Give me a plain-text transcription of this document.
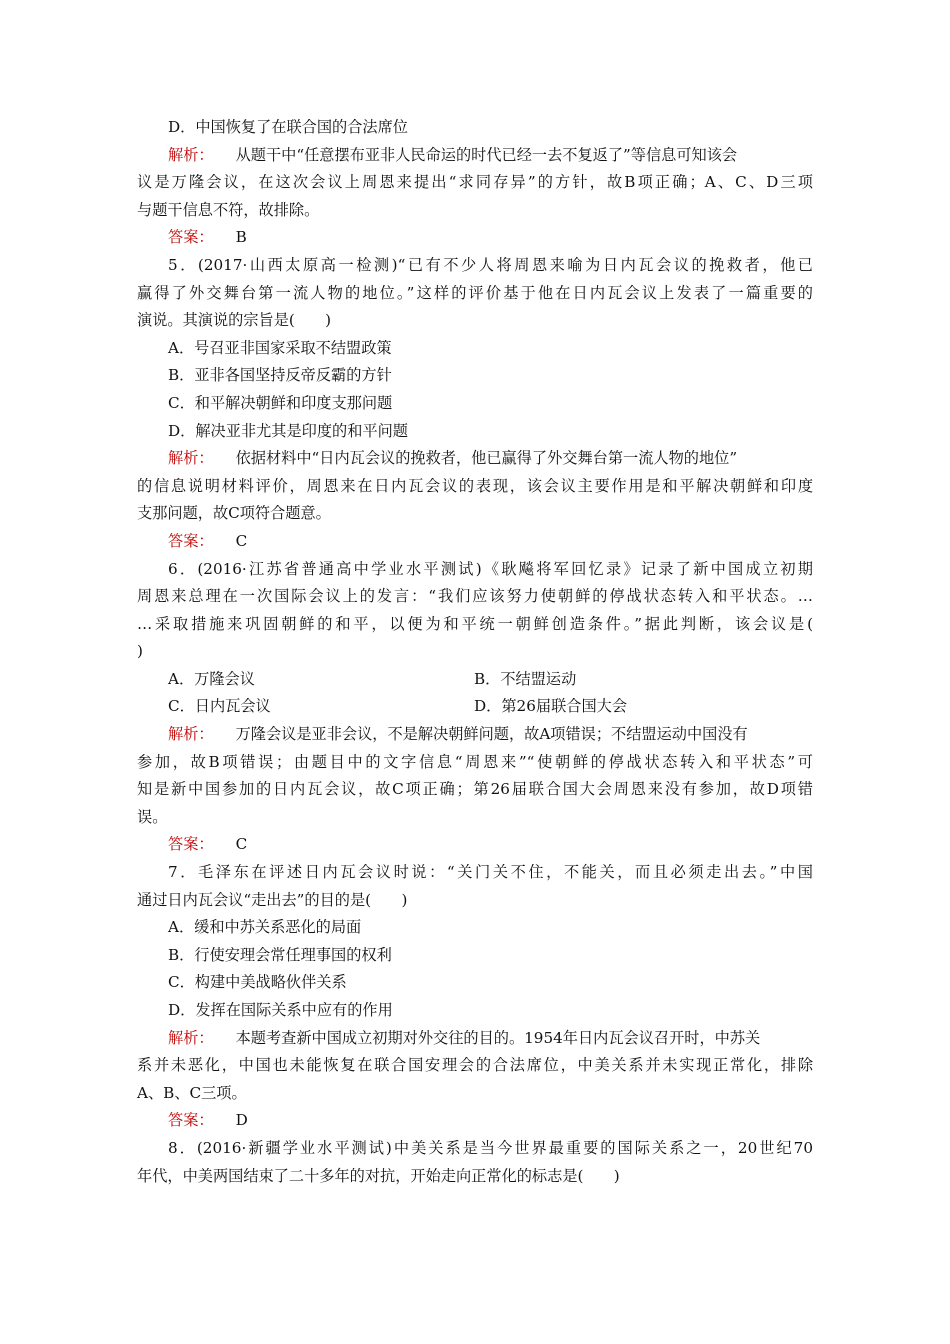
D．中国恢复了在联合国的合法席位
解析： 从题干中“任意摆布亚非人民命运的时代已经一去不复返了”等信息可知该会
议是万隆会议，在这次会议上周恩来提出“求同存异”的方针，故B项正确；A、C、D三项
与题干信息不符，故排除。
答案： B
5．(2017·山西太原高一检测)“已有不少人将周恩来喻为日内瓦会议的挽救者，他已
赢得了外交舞台第一流人物的地位。”这样的评价基于他在日内瓦会议上发表了一篇重要的
演说。其演说的宗旨是(　　)
A．号召亚非国家采取不结盟政策
B．亚非各国坚持反帝反霸的方针
C．和平解决朝鲜和印度支那问题
D．解决亚非尤其是印度的和平问题
解析： 依据材料中“日内瓦会议的挽救者，他已赢得了外交舞台第一流人物的地位”
的信息说明材料评价，周恩来在日内瓦会议的表现，该会议主要作用是和平解决朝鲜和印度
支那问题，故C项符合题意。
答案： C
6．(2016·江苏省普通高中学业水平测试)《耿飚将军回忆录》记录了新中国成立初期
周恩来总理在一次国际会议上的发言：“我们应该努力使朝鲜的停战状态转入和平状态。…
…采取措施来巩固朝鲜的和平，以便为和平统一朝鲜创造条件。”据此判断，该会议是(
)
A．万隆会议	B．不结盟运动
C．日内瓦会议	D．第26届联合国大会
解析： 万隆会议是亚非会议，不是解决朝鲜问题，故A项错误；不结盟运动中国没有
参加，故B项错误；由题目中的文字信息“周恩来”“使朝鲜的停战状态转入和平状态”可
知是新中国参加的日内瓦会议，故C项正确；第26届联合国大会周恩来没有参加，故D项错
误。
答案： C
7．毛泽东在评述日内瓦会议时说：“关门关不住，不能关，而且必须走出去。”中国
通过日内瓦会议“走出去”的目的是(　　)
A．缓和中苏关系恶化的局面
B．行使安理会常任理事国的权利
C．构建中美战略伙伴关系
D．发挥在国际关系中应有的作用
解析： 本题考查新中国成立初期对外交往的目的。1954年日内瓦会议召开时，中苏关
系并未恶化，中国也未能恢复在联合国安理会的合法席位，中美关系并未实现正常化，排除
A、B、C三项。
答案： D
8．(2016·新疆学业水平测试)中美关系是当今世界最重要的国际关系之一，20世纪70
年代，中美两国结束了二十多年的对抗，开始走向正常化的标志是(　　)
